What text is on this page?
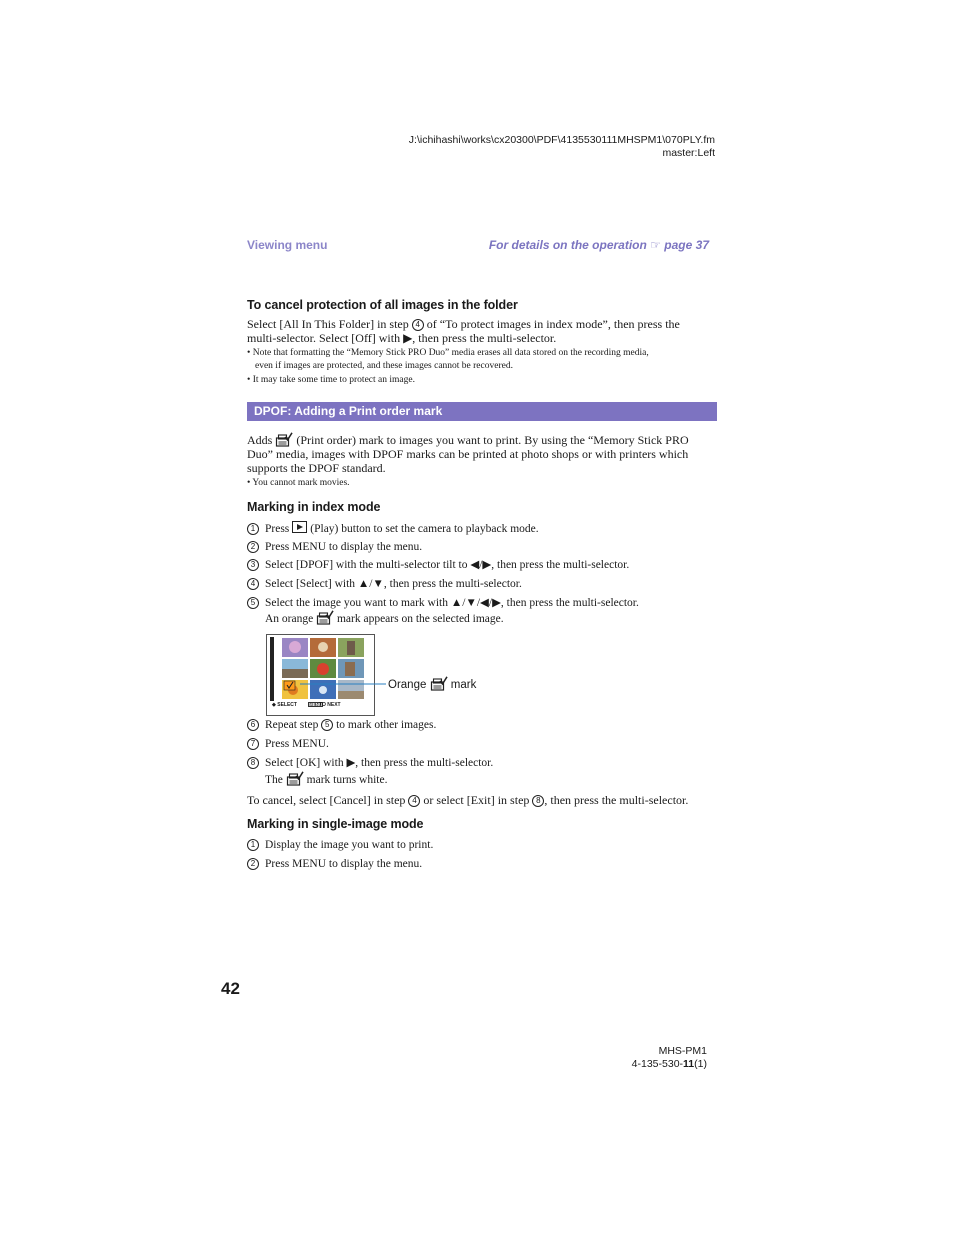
J:\ichihashi\works\cx20300\PDF\4135530111MHSPM1\070PLY.fm
master:Left
Viewing menu	For details on the operation ☞ page 37
To cancel protection of all images in the folder
Select [All In This Folder] in step 4 of “To protect images in index mode”, then press the
multi-selector. Select [Off] with ▶, then press the multi-selector.
• Note that formatting the “Memory Stick PRO Duo” media erases all data stored on the recording media,
even if images are protected, and these images cannot be recovered.
• It may take some time to protect an image.
DPOF: Adding a Print order mark
Adds (Print order) mark to images you want to print. By using the “Memory Stick PRO
Duo” media, images with DPOF marks can be printed at photo shops or with printers which
supports the DPOF standard.
• You cannot mark movies.
Marking in index mode
1 Press (Play) button to set the camera to playback mode.
2 Press MENU to display the menu.
3 Select [DPOF] with the multi-selector tilt to ◀/▶, then press the multi-selector.
4 Select [Select] with ▲/▼, then press the multi-selector.
5 Select the image you want to mark with ▲/▼/◀/▶, then press the multi-selector.
An orange mark appears on the selected image.
◆ SELECT	MENU
TO NEXT
Orange mark
6 Repeat step 5 to mark other images.
7 Press MENU.
8 Select [OK] with ▶, then press the multi-selector.
The mark turns white.
To cancel, select [Cancel] in step 4 or select [Exit] in step 8 , then press the multi-selector.
Marking in single-image mode
1 Display the image you want to print.
2 Press MENU to display the menu.
42
MHS-PM1
4-135-530-11(1)
